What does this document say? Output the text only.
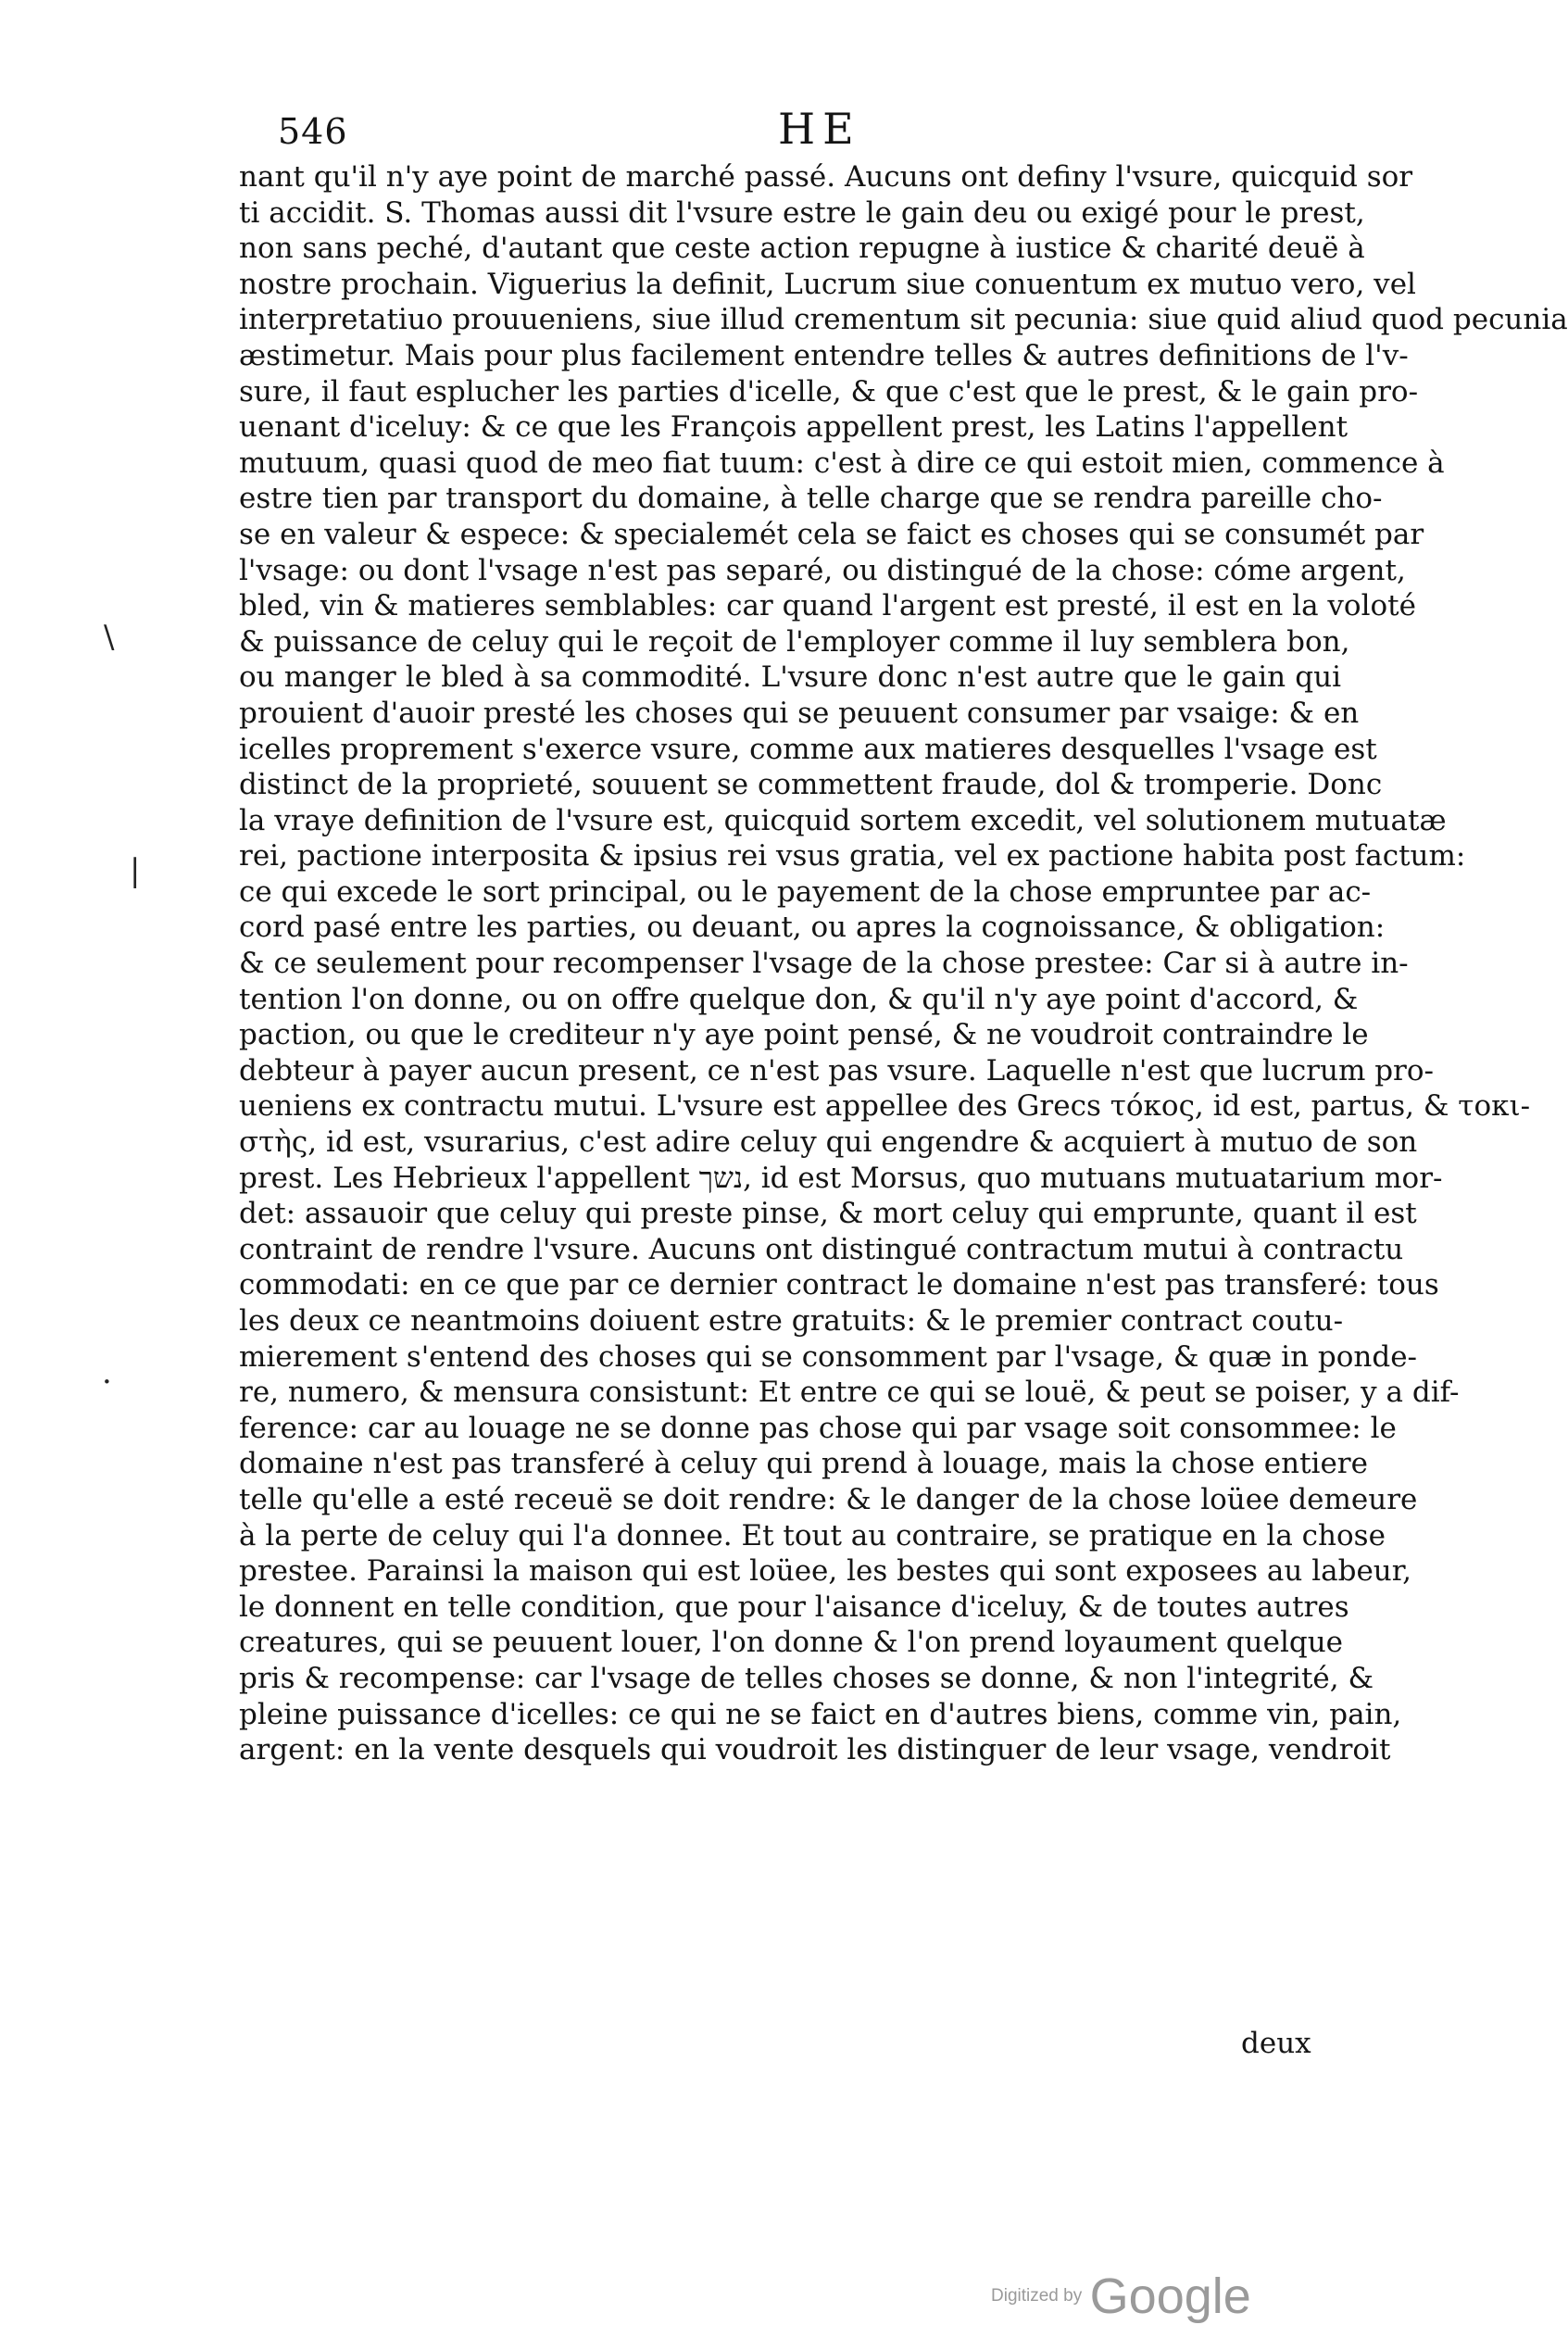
546	HE
nant qu'il n'y aye point de marché passé. Aucuns ont definy l'vsure, quicquid sor
ti accidit. S. Thomas aussi dit l'vsure estre le gain deu ou exigé pour le prest,
non sans peché, d'autant que ceste action repugne à iustice & charité deuë à
nostre prochain. Viguerius la definit, Lucrum siue conuentum ex mutuo vero, vel
interpretatiuo prouueniens, siue illud crementum sit pecunia: siue quid aliud quod pecunia
æstimetur. Mais pour plus facilement entendre telles & autres definitions de l'v-
sure, il faut esplucher les parties d'icelle, & que c'est que le prest, & le gain pro-
uenant d'iceluy: & ce que les François appellent prest, les Latins l'appellent
mutuum, quasi quod de meo fiat tuum: c'est à dire ce qui estoit mien, commence à
estre tien par transport du domaine, à telle charge que se rendra pareille cho-
se en valeur & espece: & specialemét cela se faict es choses qui se consumét par
l'vsage: ou dont l'vsage n'est pas separé, ou distingué de la chose: cóme argent,
bled, vin & matieres semblables: car quand l'argent est presté, il est en la voloté
& puissance de celuy qui le reçoit de l'employer comme il luy semblera bon,
ou manger le bled à sa commodité. L'vsure donc n'est autre que le gain qui
prouient d'auoir presté les choses qui se peuuent consumer par vsaige: & en
icelles proprement s'exerce vsure, comme aux matieres desquelles l'vsage est
distinct de la proprieté, souuent se commettent fraude, dol & tromperie. Donc
la vraye definition de l'vsure est, quicquid sortem excedit, vel solutionem mutuatæ
rei, pactione interposita & ipsius rei vsus gratia, vel ex pactione habita post factum:
ce qui excede le sort principal, ou le payement de la chose empruntee par ac-
cord pasé entre les parties, ou deuant, ou apres la cognoissance, & obligation:
& ce seulement pour recompenser l'vsage de la chose prestee: Car si à autre in-
tention l'on donne, ou on offre quelque don, & qu'il n'y aye point d'accord, &
paction, ou que le crediteur n'y aye point pensé, & ne voudroit contraindre le
debteur à payer aucun present, ce n'est pas vsure. Laquelle n'est que lucrum pro-
ueniens ex contractu mutui. L'vsure est appellee des Grecs τόκος, id est, partus, & τοκι-
στὴς, id est, vsurarius, c'est adire celuy qui engendre & acquiert à mutuo de son
prest. Les Hebrieux l'appellent נשך, id est Morsus, quo mutuans mutuatarium mor-
det: assauoir que celuy qui preste pinse, & mort celuy qui emprunte, quant il est
contraint de rendre l'vsure. Aucuns ont distingué contractum mutui à contractu
commodati: en ce que par ce dernier contract le domaine n'est pas transferé: tous
les deux ce neantmoins doiuent estre gratuits: & le premier contract coutu-
mierement s'entend des choses qui se consomment par l'vsage, & quæ in ponde-
re, numero, & mensura consistunt: Et entre ce qui se louë, & peut se poiser, y a dif-
ference: car au louage ne se donne pas chose qui par vsage soit consommee: le
domaine n'est pas transferé à celuy qui prend à louage, mais la chose entiere
telle qu'elle a esté receuë se doit rendre: & le danger de la chose loüee demeure
à la perte de celuy qui l'a donnee. Et tout au contraire, se pratique en la chose
prestee. Parainsi la maison qui est loüee, les bestes qui sont exposees au labeur,
le donnent en telle condition, que pour l'aisance d'iceluy, & de toutes autres
creatures, qui se peuuent louer, l'on donne & l'on prend loyaument quelque
pris & recompense: car l'vsage de telles choses se donne, & non l'integrité, &
pleine puissance d'icelles: ce qui ne se faict en d'autres biens, comme vin, pain,
argent: en la vente desquels qui voudroit les distinguer de leur vsage, vendroit
deux
\
|
·
Digitized by Google
